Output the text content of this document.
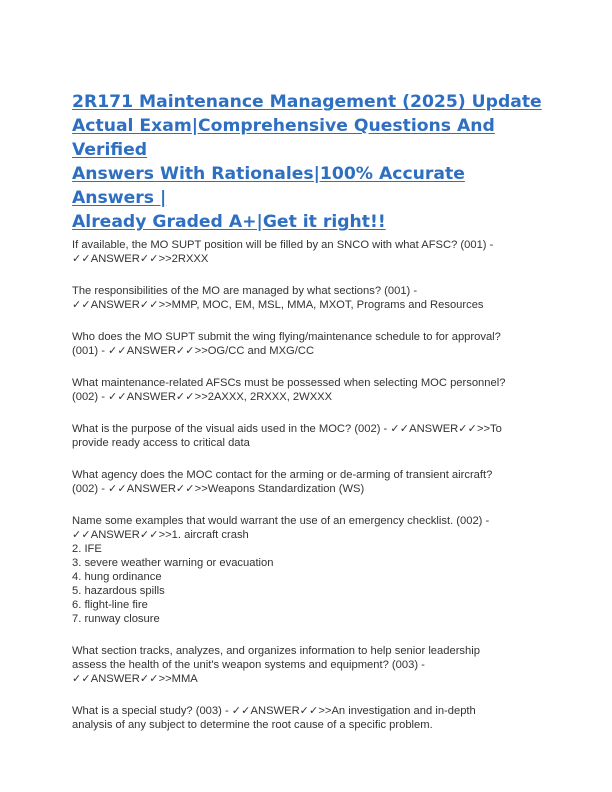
2R171 Maintenance Management (2025) Update
Actual Exam|Comprehensive Questions And Verified
Answers With Rationales|100% Accurate Answers |
Already Graded A+|Get it right!!
If available, the MO SUPT position will be filled by an SNCO with what AFSC? (001) -
✓✓ANSWER✓✓>>2RXXX
The responsibilities of the MO are managed by what sections? (001) -
✓✓ANSWER✓✓>>MMP, MOC, EM, MSL, MMA, MXOT, Programs and Resources
Who does the MO SUPT submit the wing flying/maintenance schedule to for approval?
(001) - ✓✓ANSWER✓✓>>OG/CC and MXG/CC
What maintenance-related AFSCs must be possessed when selecting MOC personnel?
(002) - ✓✓ANSWER✓✓>>2AXXX, 2RXXX, 2WXXX
What is the purpose of the visual aids used in the MOC? (002) - ✓✓ANSWER✓✓>>To
provide ready access to critical data
What agency does the MOC contact for the arming or de-arming of transient aircraft?
(002) - ✓✓ANSWER✓✓>>Weapons Standardization (WS)
Name some examples that would warrant the use of an emergency checklist. (002) -
✓✓ANSWER✓✓>>1. aircraft crash
2. IFE
3. severe weather warning or evacuation
4. hung ordinance
5. hazardous spills
6. flight-line fire
7. runway closure
What section tracks, analyzes, and organizes information to help senior leadership
assess the health of the unit's weapon systems and equipment? (003) -
✓✓ANSWER✓✓>>MMA
What is a special study? (003) - ✓✓ANSWER✓✓>>An investigation and in-depth
analysis of any subject to determine the root cause of a specific problem.
